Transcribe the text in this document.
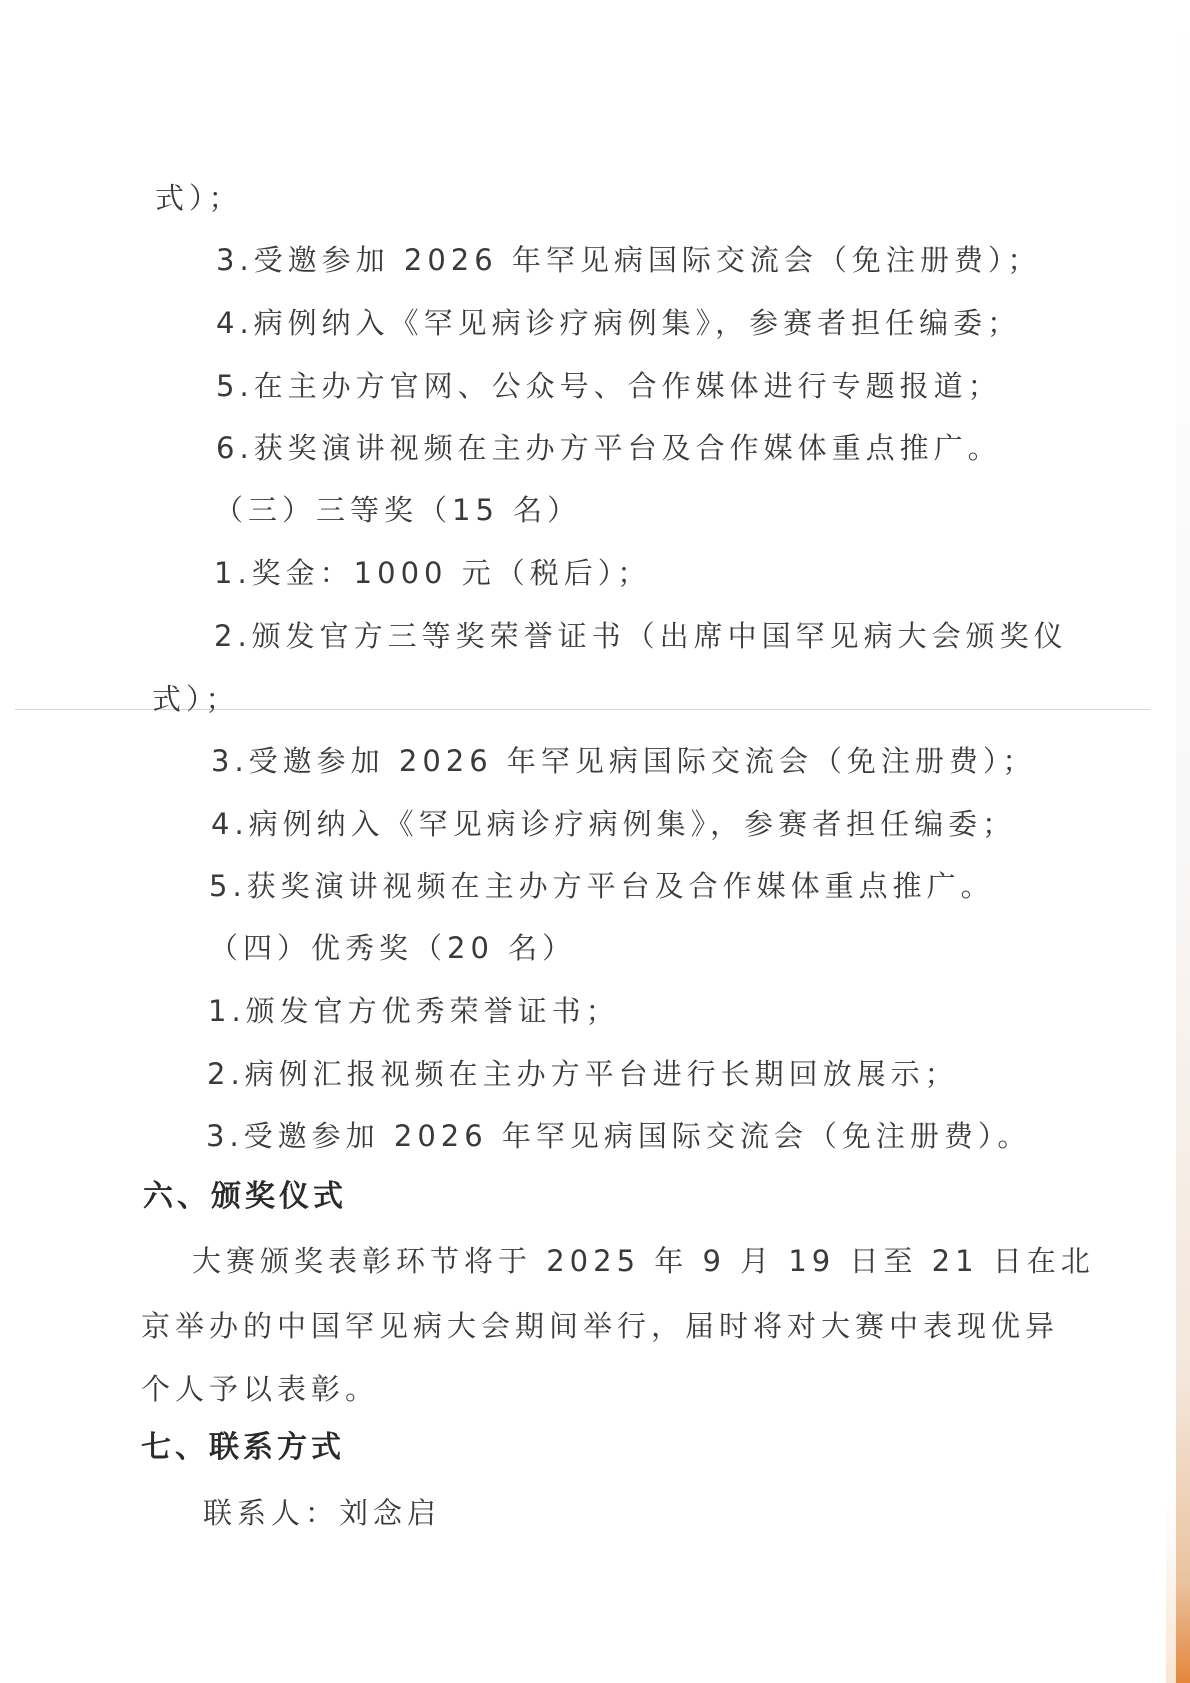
式）；
3.受邀参加 2026 年罕见病国际交流会（免注册费）；
4.病例纳入《罕见病诊疗病例集》，参赛者担任编委；
5.在主办方官网、公众号、合作媒体进行专题报道；
6.获奖演讲视频在主办方平台及合作媒体重点推广。
（三）三等奖（15 名）
1.奖金：1000 元（税后）；
2.颁发官方三等奖荣誉证书（出席中国罕见病大会颁奖仪
式）；
3.受邀参加 2026 年罕见病国际交流会（免注册费）；
4.病例纳入《罕见病诊疗病例集》，参赛者担任编委；
5.获奖演讲视频在主办方平台及合作媒体重点推广。
（四）优秀奖（20 名）
1.颁发官方优秀荣誉证书；
2.病例汇报视频在主办方平台进行长期回放展示；
3.受邀参加 2026 年罕见病国际交流会（免注册费）。
六、颁奖仪式
大赛颁奖表彰环节将于 2025 年 9 月 19 日至 21 日在北
京举办的中国罕见病大会期间举行，届时将对大赛中表现优异
个人予以表彰。
七、联系方式
联系人：刘念启
